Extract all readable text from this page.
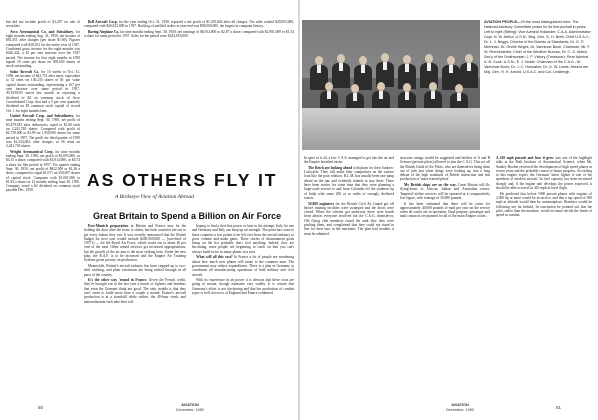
but did not include profit of $1,207 on sale of securities.

Avco Aeronautical Co. and Subsidiary, for eight months ending Aug. 31, 1950, net income of $81,451 after charges (per share $1.69). Figures compared with $18,031 for the entire year of 1947. Combined gross income for the eight months was $420,424, a 42 per cent increase over the 1947 period. Net income for first eight months in 1950 equals 16 cents per share on 309,650 shares of stock outstanding.

Solar Aircraft Co. for 10 weeks to Oct. 31, 1950, net income of $42,751 after taxes, equivalent to 32 cents on 130,233 shares of $1 par value capital shares outstanding, representing a 167 per cent increase over same period in 1957. AVIATION noted last month in reporting a dividend of $2 on common stock of Avco Consolidated Corp. that had a 5 per cent quarterly dividend on $3 common stock capital of record Oct. 1 for eight months later.

United Aircraft Corp. and Subsidiaries, for nine months ending Sept. 30, 1950, net profit of $3,479,581 after deductions, equal to $1.60 each on 2,241,740 shares. Compared with profit of $2,739,000 or $1.99 on 1,950,000 shares for same period in 1957. Net profit for third quarter of 1950 was $1,243,004, after charges, or 56 cents on 2,241,740 shares.

Wright Aeronautical Corp. for nine months ending Sept. 30, 1950, net profit of $2,693,000, or $4.15 a share, compared with $3,014,000, or $4.74 a share for like period in 1957. For quarter ending Sept. 30, 1950, net profit of $822,500 or $1.26 a share, compared to equal $1,071 on 350,007 shares of capital stock. Compares with $1,001,906 or $1.83 a share for 12 months ending June 30, 1950. Company voted a $2 dividend on common stock payable Dec. 1950.

Bell Aircraft Corp. for the year ending Oct. 31, 1950, reported a net profit of $1,419,604 after all charges. Net sales totaled $29,003,000, compared with $26,812,000 in 1957. Backlog of unfilled orders at year-end was $98,000,000, the largest in company history.

Boeing Airplane Co. for nine months ending Sept. 30, 1950, net earnings of $6,912,000 or $2.87 a share, compared with $2,901,000 or $1.34 a share for same period in 1957. Sales for the period were $243,018,000.

AS OTHERS FLY IT
A Birdseye-View of Aviation Abroad
Great Britain to Spend a Billion on Air Force

Post-Munich preparation in Britain and France may be the holding the door after the horse is stolen, but both countries are out to get every button they can. It was recently announced that the British budget for next year would include $200,000,000 — [one-third of 1957's] — for the Royal Air Force, which works out to about 40 per cent of the total. Other armed services get increased appropriations, but the growth of the air arm is the most striking item. Under the new plan, the R.A.F. is to be increased and the Empire Air Training Scheme given priority on production.

Meanwhile, Britain's aircraft industry has been stepped up to two-shift working, and plant extensions are being rushed through in all parts of the country.

It's the other way 'round in France. Given the French credit, they've brought out in the last year a bunch of fighters and bombers that even the Germans think are good. The only trouble is that they can't seem to build more than a couple a month. France's aircraft production is at a standstill while strikes, the 40-hour week, and nationalization each take their toll.

hoping to find a first-line power or bust in the attempt. Italy for one and Germany and Italy can keep up air strength. The point has come to these countries a few points to be left over from the aircraft industry to grow volume and make gains. These stories of disarmament goals being on the list probably don't fool anything. Indeed, they are becoming, more people are beginning to catch on that you can't always build twice as many planes in a year.

What will all this cost? In France a lot of people are wondering about how much new planes will mean to the common man. The government may reduce expenditures. There is a plan in Germany to coordinate all manufacturing operations of both military and civil aircraft.

With its experience in air power it is obvious that these costs are going to mount, though estimates vary widely. It is certain that Germany's effort is not slackening and that her production of combat types is well in excess of England and France combined.

AVIATION
December, 1950
60
AVIATION PEOPLE—Of the most distinguished kind. The National Advisory Committee poses for its first portrait in years. Left to right (Sitting): Vice Admiral Hollander, C.A.A. Administrator; Capt. N. W. Arthur, U.S.N.; Brig. Gen. G. H. Brett, Chief U.S.A.C.; Dr. L. J. Briggs, Director of the Bureau of Standards; Dr. G. P. Merrinan; Dr. Orville Wright; Dr. Vannevar Bush, Chairman; Mr. F. W. Reichelderfer, Chief of the Weather Bureau; Dr. C. G. Abbot, Sec'y of the Smithsonian; J. F. Victory (Treasurer); Rear Admiral A. B. Cook, U.S.N.; E. J. Noble, Chairman of the C.A.A.; Dr. Vannevar Bush; Dr. J. C. Hunsaker; Dr. G. W. Lewis. Absent are Maj. Gen. H. H. Arnold, U.S.A.C. and Col. Lindbergh.

In spite of it all, a few C.A.S. managed to get into the air and the Empire breathed easier.

The Reich are looking ahead with plans for their Junkers-Luftwaffe. They will make their competitors on the surface look like the poor relation. R.L.M. has usually been one jump ahead on the run, and evidently intends to stay there. There have been stories for some time that they were planning a large-scale service to and from Colombo off the southern tip of India with some 200 or so miles of strongly sheltered waters.

50,000 engineers for the British Civil Air Guard got off before training facilities were swamped and the doors were closed. When the scheme got underway there were bonds from almost everyone involved but the C.A.G. themselves. Old flying club members found the rank they they were pushing them, and complained that they could not stand in line for their turn in the machines. The plan had troubles it must be admitted.

structure ratings would be suggested and holders of A and B licenses (private pilots) allowed to join the C.A.G. This set off the British Guild of Air Pilots, who are themselves being done out of jobs just when things were looking up, into a long debate of the high standards of British instruction and this production of 'mass-trained pilots'.

My British ships are on the way. Great Britain will fly flying-boats to African, Indian and Australian routes. 'Imperial' airline services will be operated at a comparatively low figure, with tonnage of 30,000 pounds.

It has been estimated that there will be room for approximately 40,000 pounds of mail per year on the service when all routes are in operation. Dual-purpose, passenger and mail contracts are planned for all of the main Empire routes.

A 410 mph pursuit and how it grew was one of the highlight talks at the Bath Institute of Aeronautical Science, when Mr. Stanley Hooker reviewed the development of high speed planes in recent years and the probable course of future progress. According to this engine expert, the Germans' latest fighter is one of the speediest of modern aircraft. Its fuel capacity has been increased sharply and, if the engine unit develops the power expected, it should be able to travel at 410 mph in level flight.

He predicted that before 1960 pursuit planes with engines of 2,000 hp or more would be in service, and that a top speed of 500 mph at altitude would then be commonplace. Bombers would be following not far behind. In conclusion he pointed out that the pilot, rather than the machine, would in future decide the limits of speed in combat.

AVIATION
December, 1950	61
